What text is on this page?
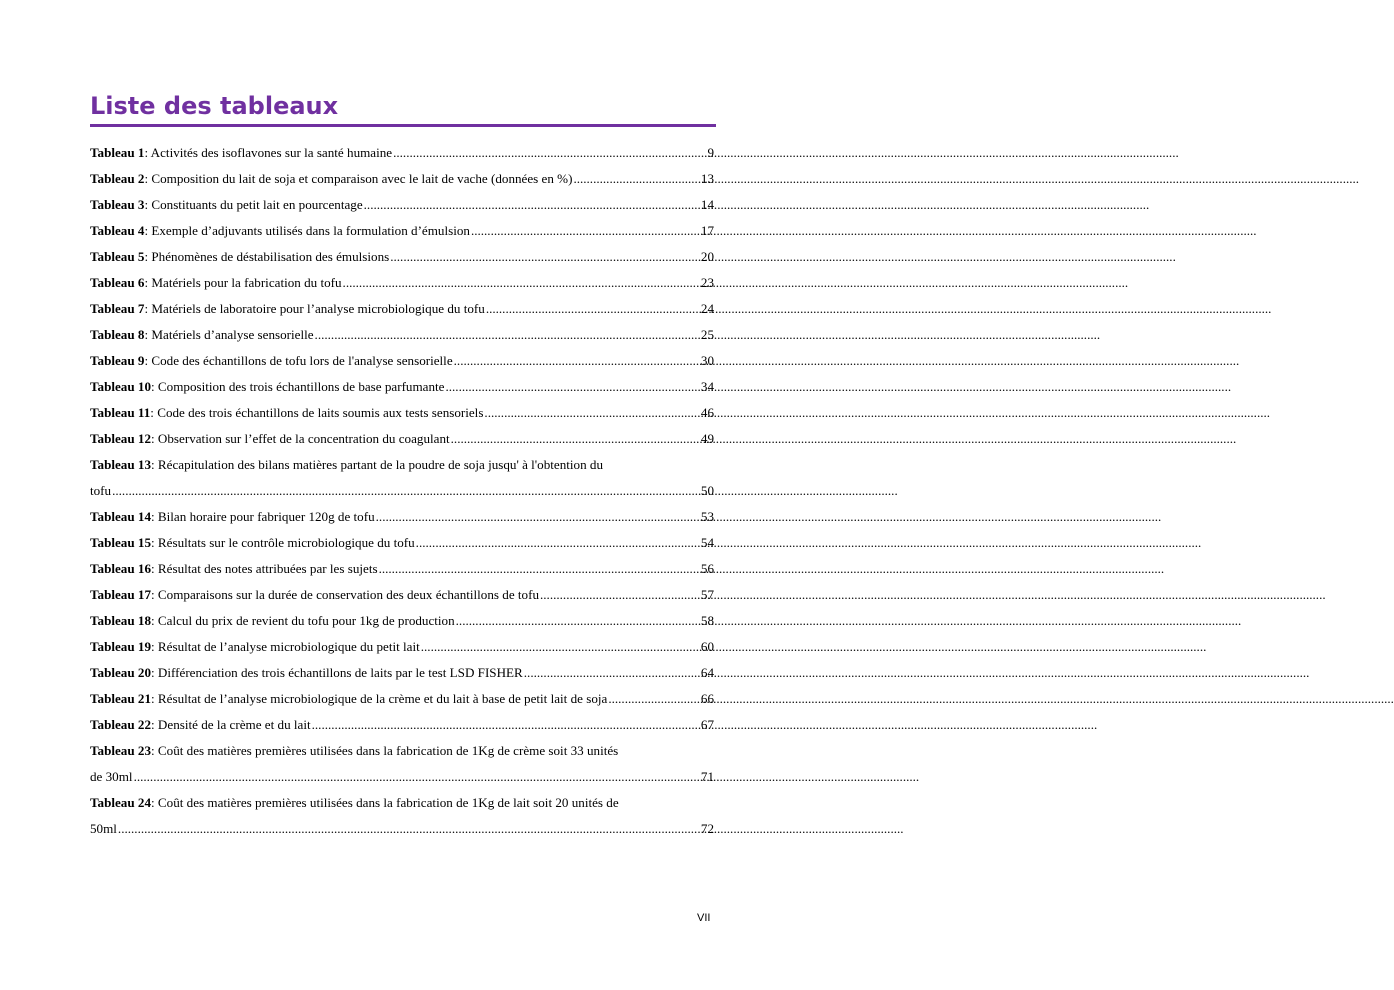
Liste des tableaux
Tableau 1: Activités des isoflavones sur la santé humaine .....	9
Tableau 2: Composition du lait de soja et comparaison avec le lait de vache (données en %) .....	13
Tableau 3: Constituants du petit lait en pourcentage .....	14
Tableau 4: Exemple d’adjuvants utilisés dans la formulation d’émulsion .....	17
Tableau 5: Phénomènes de déstabilisation des émulsions .....	20
Tableau 6: Matériels pour la fabrication du tofu .....	23
Tableau 7: Matériels de laboratoire pour l’analyse microbiologique du tofu .....	24
Tableau 8: Matériels d’analyse sensorielle .....	25
Tableau 9: Code des échantillons de tofu lors de l'analyse sensorielle .....	30
Tableau 10: Composition des trois échantillons de base parfumante .....	34
Tableau 11: Code des trois échantillons de laits soumis aux tests sensoriels .....	46
Tableau 12: Observation sur l’effet de la concentration du coagulant .....	49
Tableau 13: Récapitulation des bilans matières partant de la poudre de soja jusqu' à l'obtention du
tofu .....	50
Tableau 14: Bilan horaire pour fabriquer 120g de tofu .....	53
Tableau 15: Résultats sur le contrôle microbiologique du tofu .....	54
Tableau 16: Résultat des notes attribuées par les sujets .....	56
Tableau 17: Comparaisons sur la durée de conservation des deux échantillons de tofu .....	57
Tableau 18: Calcul du prix de revient du tofu pour 1kg de production .....	58
Tableau 19: Résultat de l’analyse microbiologique du petit lait .....	60
Tableau 20: Différenciation des trois échantillons de laits par le test LSD FISHER .....	64
Tableau 21: Résultat de l’analyse microbiologique de la crème et du lait à base de petit lait de soja .....	66
Tableau 22: Densité de la crème et du lait .....	67
Tableau 23: Coût des matières premières utilisées dans la fabrication de 1Kg de crème soit 33 unités
de 30ml .....	71
Tableau 24: Coût des matières premières utilisées dans la fabrication de 1Kg de lait soit 20 unités de
50ml .....	72
VII
